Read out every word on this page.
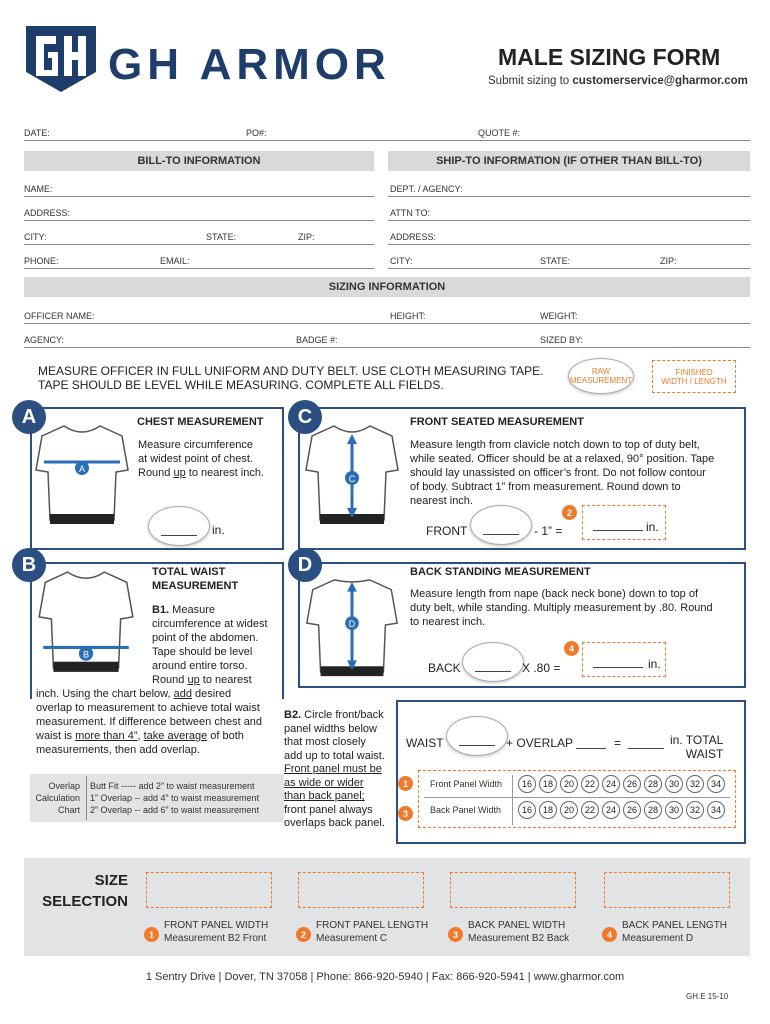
GH ARMOR	MALE SIZING FORM
Submit sizing to customerservice@gharmor.com
DATE:	PO#:	QUOTE #:
BILL-TO INFORMATION	SHIP-TO INFORMATION (IF OTHER THAN BILL-TO)
NAME:	DEPT. / AGENCY:
ADDRESS:	ATTN TO:
CITY:	STATE:	ZIP:	ADDRESS:
PHONE:	EMAIL:	CITY:	STATE:	ZIP:
SIZING INFORMATION
OFFICER NAME:	HEIGHT:	WEIGHT:
AGENCY:	BADGE #:	SIZED BY:
MEASURE OFFICER IN FULL UNIFORM AND DUTY BELT. USE CLOTH MEASURING TAPE.
TAPE SHOULD BE LEVEL WHILE MEASURING. COMPLETE ALL FIELDS.
RAW
MEASUREMENT
FINISHED
WIDTH / LENGTH
A
A
CHEST MEASUREMENT
Measure circumference
at widest point of chest.
Round up to nearest inch.
in.
C
C
FRONT SEATED MEASUREMENT
Measure length from clavicle notch down to top of duty belt,
while seated. Officer should be at a relaxed, 90° position. Tape
should lay unassisted on officer’s front. Do not follow contour
of body. Subtract 1” from measurement. Round down to
nearest inch.
FRONT	- 1” =
2
in.
B
B
TOTAL WAIST
MEASUREMENT
B1. Measure
circumference at widest
point of the abdomen.
Tape should be level
around entire torso.
Round up to nearest
inch. Using the chart below, add desired
overlap to measurement to achieve total waist
measurement. If difference between chest and
waist is more than 4”, take average of both
measurements, then add overlap.
Overlap
Calculation
Chart
Butt Fit ----- add 2” to waist measurement
1” Overlap -- add 4” to waist measurement
2” Overlap -- add 6” to waist measurement
B2. Circle front/back
panel widths below
that most closely
add up to total waist.
Front panel must be
as wide or wider
than back panel;
front panel always
overlaps back panel.
WAIST	+ OVERLAP	=	in. TOTAL
WAIST
1
3
Front Panel Width
Back Panel Width
16	18	20	22	24	26	28	30	32	34
16	18	20	22	24	26	28	30	32	34
D
D
BACK STANDING MEASUREMENT
Measure length from nape (back neck bone) down to top of
duty belt, while standing. Multiply measurement by .80. Round
to nearest inch.
BACK	X .80 =
4
in.
SIZE
SELECTION
1
FRONT PANEL WIDTH
Measurement B2 Front	2
FRONT PANEL LENGTH
Measurement C	3
BACK PANEL WIDTH
Measurement B2 Back	4
BACK PANEL LENGTH
Measurement D
1 Sentry Drive | Dover, TN 37058 | Phone: 866-920-5940 | Fax: 866-920-5941 | www.gharmor.com
GH.E 15-10
